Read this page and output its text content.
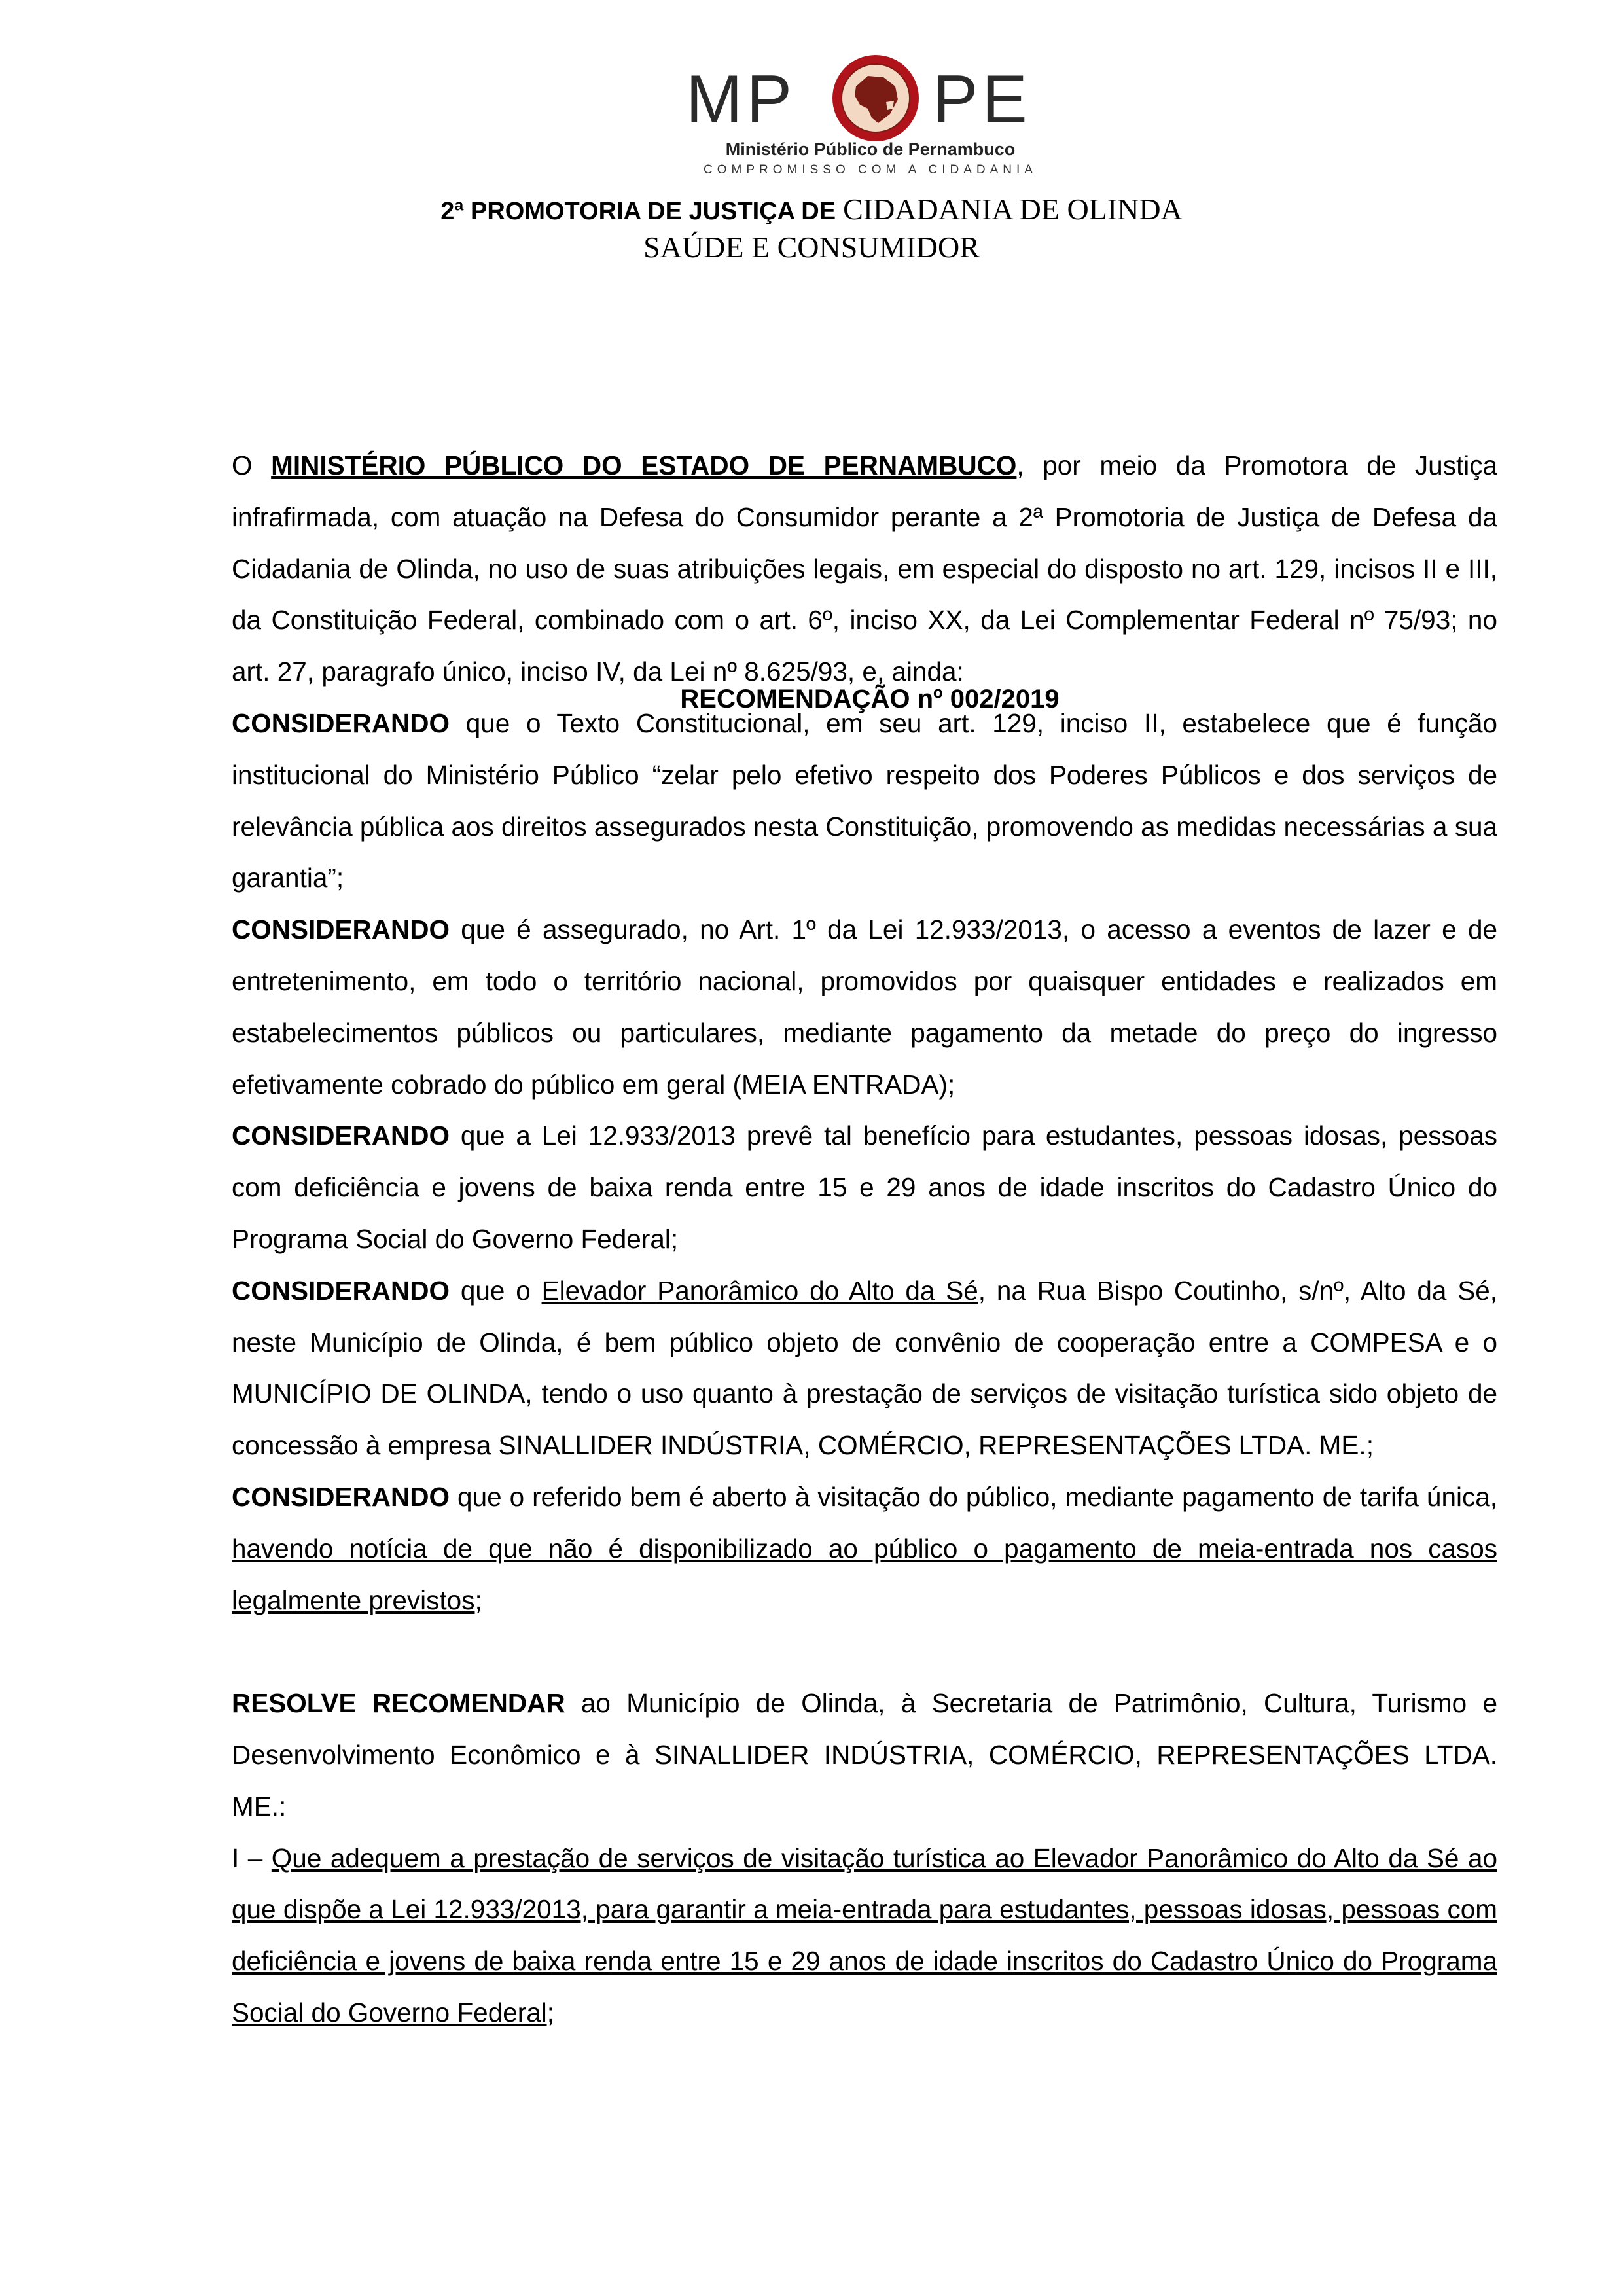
MP PE
Ministério Público de Pernambuco
COMPROMISSO COM A CIDADANIA
2ª PROMOTORIA DE JUSTIÇA DE CIDADANIA DE OLINDA
SAÚDE E CONSUMIDOR
RECOMENDAÇÃO nº 002/2019

O MINISTÉRIO PÚBLICO DO ESTADO DE PERNAMBUCO, por meio da Promotora de Justiça infrafirmada, com atuação na Defesa do Consumidor perante a 2ª Promotoria de Justiça de Defesa da Cidadania de Olinda, no uso de suas atribuições legais, em especial do disposto no art. 129, incisos II e III, da Constituição Federal, combinado com o art. 6º, inciso XX, da Lei Complementar Federal nº 75/93; no art. 27, paragrafo único, inciso IV, da Lei nº 8.625/93, e, ainda:

CONSIDERANDO que o Texto Constitucional, em seu art. 129, inciso II, estabelece que é função institucional do Ministério Público “zelar pelo efetivo respeito dos Poderes Públicos e dos serviços de relevância pública aos direitos assegurados nesta Constituição, promovendo as medidas necessárias a sua garantia”;

CONSIDERANDO que é assegurado, no Art. 1º da Lei 12.933/2013, o acesso a eventos de lazer e de entretenimento, em todo o território nacional, promovidos por quaisquer entidades e realizados em estabelecimentos públicos ou particulares, mediante pagamento da metade do preço do ingresso efetivamente cobrado do público em geral (MEIA ENTRADA);

CONSIDERANDO que a Lei 12.933/2013 prevê tal benefício para estudantes, pessoas idosas, pessoas com deficiência e jovens de baixa renda entre 15 e 29 anos de idade inscritos do Cadastro Único do Programa Social do Governo Federal;

CONSIDERANDO que o Elevador Panorâmico do Alto da Sé, na Rua Bispo Coutinho, s/nº, Alto da Sé, neste Município de Olinda, é bem público objeto de convênio de cooperação entre a COMPESA e o MUNICÍPIO DE OLINDA, tendo o uso quanto à prestação de serviços de visitação turística sido objeto de concessão à empresa SINALLIDER INDÚSTRIA, COMÉRCIO, REPRESENTAÇÕES LTDA. ME.;

CONSIDERANDO que o referido bem é aberto à visitação do público, mediante pagamento de tarifa única, havendo notícia de que não é disponibilizado ao público o pagamento de meia-entrada nos casos legalmente previstos;

RESOLVE RECOMENDAR ao Município de Olinda, à Secretaria de Patrimônio, Cultura, Turismo e Desenvolvimento Econômico e à SINALLIDER INDÚSTRIA, COMÉRCIO, REPRESENTAÇÕES LTDA. ME.:

I – Que adequem a prestação de serviços de visitação turística ao Elevador Panorâmico do Alto da Sé ao que dispõe a Lei 12.933/2013, para garantir a meia-entrada para estudantes, pessoas idosas, pessoas com deficiência e jovens de baixa renda entre 15 e 29 anos de idade inscritos do Cadastro Único do Programa Social do Governo Federal;
